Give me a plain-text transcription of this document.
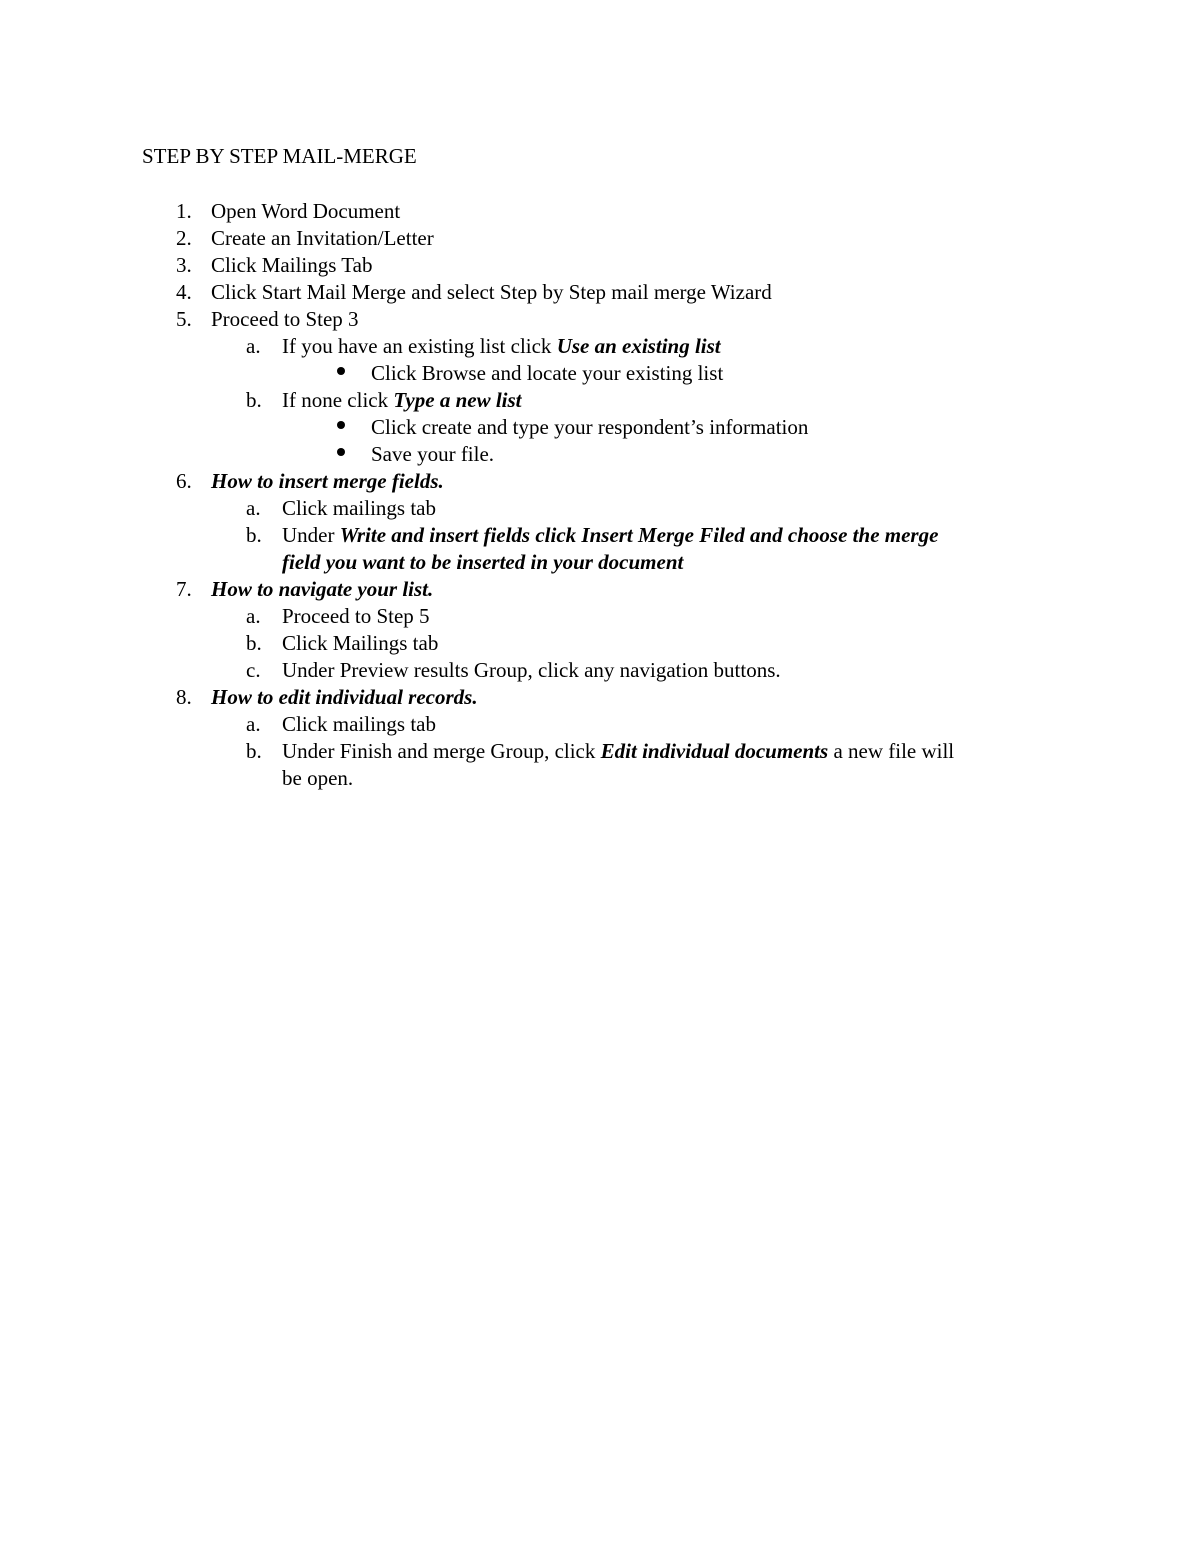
STEP BY STEP MAIL-MERGE
1. Open Word Document
2. Create an Invitation/Letter
3. Click Mailings Tab
4. Click Start Mail Merge and select Step by Step mail merge Wizard
5. Proceed to Step 3
a. If you have an existing list click Use an existing list
Click Browse and locate your existing list
b. If none click Type a new list
Click create and type your respondent’s information
Save your file.
6. How to insert merge fields.
a. Click mailings tab
b. Under Write and insert fields click Insert Merge Filed and choose the merge
field you want to be inserted in your document
7. How to navigate your list.
a. Proceed to Step 5
b. Click Mailings tab
c. Under Preview results Group, click any navigation buttons.
8. How to edit individual records.
a. Click mailings tab
b. Under Finish and merge Group, click Edit individual documents a new file will
be open.
